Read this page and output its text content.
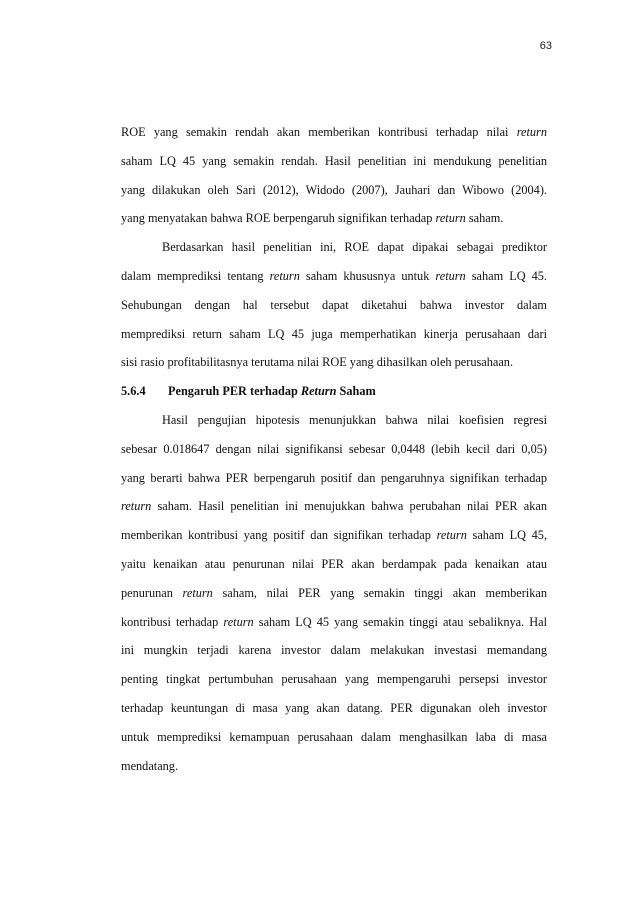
63
ROE yang semakin rendah akan memberikan kontribusi terhadap nilai return
saham LQ 45 yang semakin rendah. Hasil penelitian ini mendukung penelitian
yang dilakukan oleh Sari (2012), Widodo (2007), Jauhari dan Wibowo (2004).
yang menyatakan bahwa ROE berpengaruh signifikan terhadap return saham.
Berdasarkan hasil penelitian ini, ROE dapat dipakai sebagai prediktor
dalam memprediksi tentang return saham khususnya untuk return saham LQ 45.
Sehubungan dengan hal tersebut dapat diketahui bahwa investor dalam
memprediksi return saham LQ 45 juga memperhatikan kinerja perusahaan dari
sisi rasio profitabilitasnya terutama nilai ROE yang dihasilkan oleh perusahaan.
5.6.4 Pengaruh PER terhadap Return Saham
Hasil pengujian hipotesis menunjukkan bahwa nilai koefisien regresi
sebesar 0.018647 dengan nilai signifikansi sebesar 0,0448 (lebih kecil dari 0,05)
yang berarti bahwa PER berpengaruh positif dan pengaruhnya signifikan terhadap
return saham. Hasil penelitian ini menujukkan bahwa perubahan nilai PER akan
memberikan kontribusi yang positif dan signifikan terhadap return saham LQ 45,
yaitu kenaikan atau penurunan nilai PER akan berdampak pada kenaikan atau
penurunan return saham, nilai PER yang semakin tinggi akan memberikan
kontribusi terhadap return saham LQ 45 yang semakin tinggi atau sebaliknya. Hal
ini mungkin terjadi karena investor dalam melakukan investasi memandang
penting tingkat pertumbuhan perusahaan yang mempengaruhi persepsi investor
terhadap keuntungan di masa yang akan datang. PER digunakan oleh investor
untuk memprediksi kemampuan perusahaan dalam menghasilkan laba di masa
mendatang.
